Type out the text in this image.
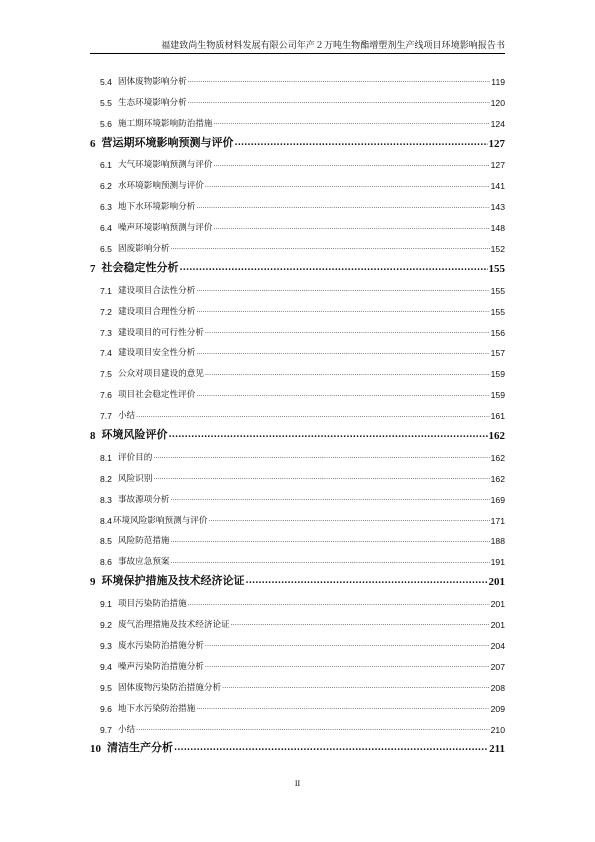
福建致尚生物质材料发展有限公司年产２万吨生物酯增塑剂生产线项目环境影响报告书
5.4 固体废物影响分析 .....	119
5.5 生态环境影响分析 .....	120
5.6 施工期环境影响防治措施 .....	124
6 营运期环境影响预测与评价 .....	127
6.1 大气环境影响预测与评价 .....	127
6.2 水环境影响预测与评价 .....	141
6.3 地下水环境影响分析 .....	143
6.4 噪声环境影响预测与评价 .....	148
6.5 固废影响分析 .....	152
7 社会稳定性分析 .....	155
7.1 建设项目合法性分析 .....	155
7.2 建设项目合理性分析 .....	155
7.3 建设项目的可行性分析 .....	156
7.4 建设项目安全性分析 .....	157
7.5 公众对项目建设的意见 .....	159
7.6 项目社会稳定性评价 .....	159
7.7 小结 .....	161
8 环境风险评价 .....	162
8.1 评价目的 .....	162
8.2 风险识别 .....	162
8.3 事故源项分析 .....	169
8.4 环境风险影响预测与评价 .....	171
8.5 风险防范措施 .....	188
8.6 事故应急预案 .....	191
9 环境保护措施及技术经济论证 .....	201
9.1 项目污染防治措施 .....	201
9.2 废气治理措施及技术经济论证 .....	201
9.3 废水污染防治措施分析 .....	204
9.4 噪声污染防治措施分析 .....	207
9.5 固体废物污染防治措施分析 .....	208
9.6 地下水污染防治措施 .....	209
9.7 小结 .....	210
10 清洁生产分析 .....	211
II
